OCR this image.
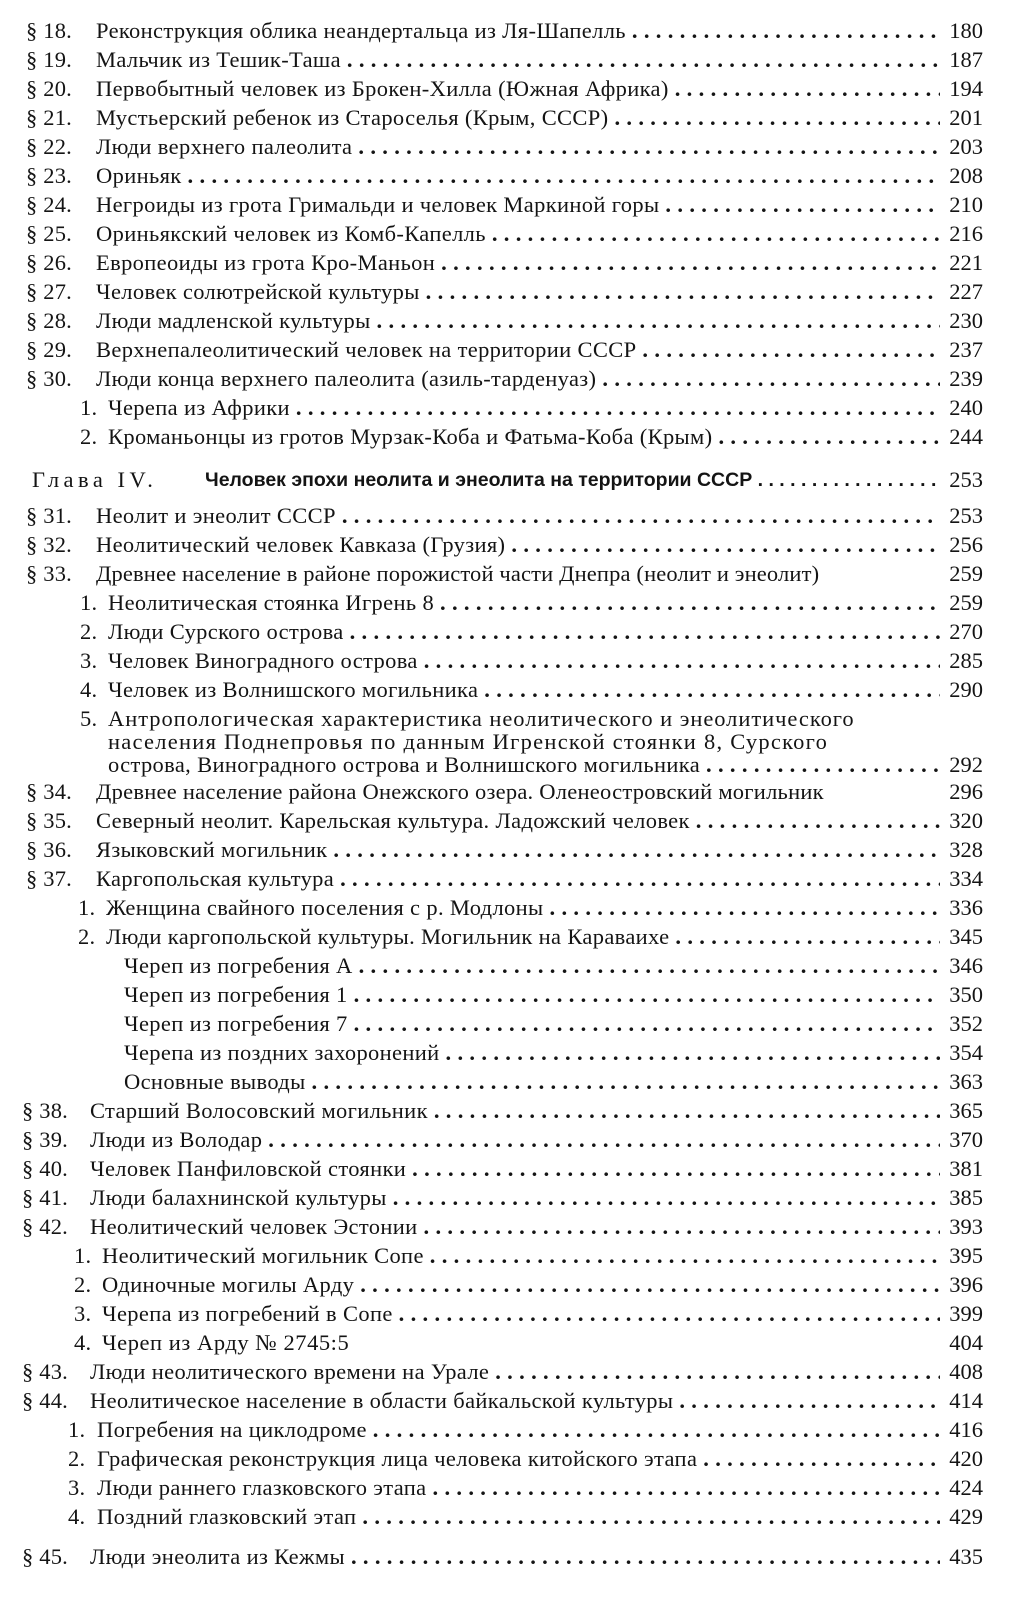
§ 18. Реконструкция облика неандертальца из Ля-Шапелль . . .	180
§ 19. Мальчик из Тешик-Таша . . .	187
§ 20. Первобытный человек из Брокен-Хилла (Южная Африка) . . .	194
§ 21. Мустьерский ребенок из Староселья (Крым, СССР) . . .	201
§ 22. Люди верхнего палеолита . . .	203
§ 23. Ориньяк . . .	208
§ 24. Негроиды из грота Гримальди и человек Маркиной горы . . .	210
§ 25. Ориньякский человек из Комб-Капелль . . .	216
§ 26. Европеоиды из грота Кро-Маньон . . .	221
§ 27. Человек солютрейской культуры . . .	227
§ 28. Люди мадленской культуры . . .	230
§ 29. Верхнепалеолитический человек на территории СССР . . .	237
§ 30. Люди конца верхнего палеолита (азиль-тарденуаз) . . .	239
1. Черепа из Африки . . .	240
2. Кроманьонцы из гротов Мурзак-Коба и Фатьма-Коба (Крым) . . .	244
Глава IV. Человек эпохи неолита и энеолита на территории СССР . . .	253
§ 31. Неолит и энеолит СССР . . .	253
§ 32. Неолитический человек Кавказа (Грузия) . . .	256
§ 33. Древнее население в районе порожистой части Днепра (неолит и энеолит)	259
1. Неолитическая стоянка Игрень 8 . . .	259
2. Люди Сурского острова . . .	270
3. Человек Виноградного острова . . .	285
4. Человек из Волнишского могильника . . .	290
5. Антропологическая характеристика неолитического и энеолитического
населения Поднепровья по данным Игренской стоянки 8, Сурского
острова, Виноградного острова и Волнишского могильника . . .	292
§ 34. Древнее население района Онежского озера. Оленеостровский могильник	296
§ 35. Северный неолит. Карельская культура. Ладожский человек . . .	320
§ 36. Языковский могильник . . .	328
§ 37. Каргопольская культура . . .	334
1. Женщина свайного поселения с р. Модлоны . . .	336
2. Люди каргопольской культуры. Могильник на Караваихе . . .	345
Череп из погребения А . . .	346
Череп из погребения 1 . . .	350
Череп из погребения 7 . . .	352
Черепа из поздних захоронений . . .	354
Основные выводы . . .	363
§ 38. Старший Волосовский могильник . . .	365
§ 39. Люди из Володар . . .	370
§ 40. Человек Панфиловской стоянки . . .	381
§ 41. Люди балахнинской культуры . . .	385
§ 42. Неолитический человек Эстонии . . .	393
1. Неолитический могильник Сопе . . .	395
2. Одиночные могилы Арду . . .	396
3. Черепа из погребений в Сопе . . .	399
4. Череп из Арду № 2745:5	404
§ 43. Люди неолитического времени на Урале . . .	408
§ 44. Неолитическое население в области байкальской культуры . . .	414
1. Погребения на циклодроме . . .	416
2. Графическая реконструкция лица человека китойского этапа . . .	420
3. Люди раннего глазковского этапа . . .	424
4. Поздний глазковский этап . . .	429
§ 45. Люди энеолита из Кежмы . . .	435
